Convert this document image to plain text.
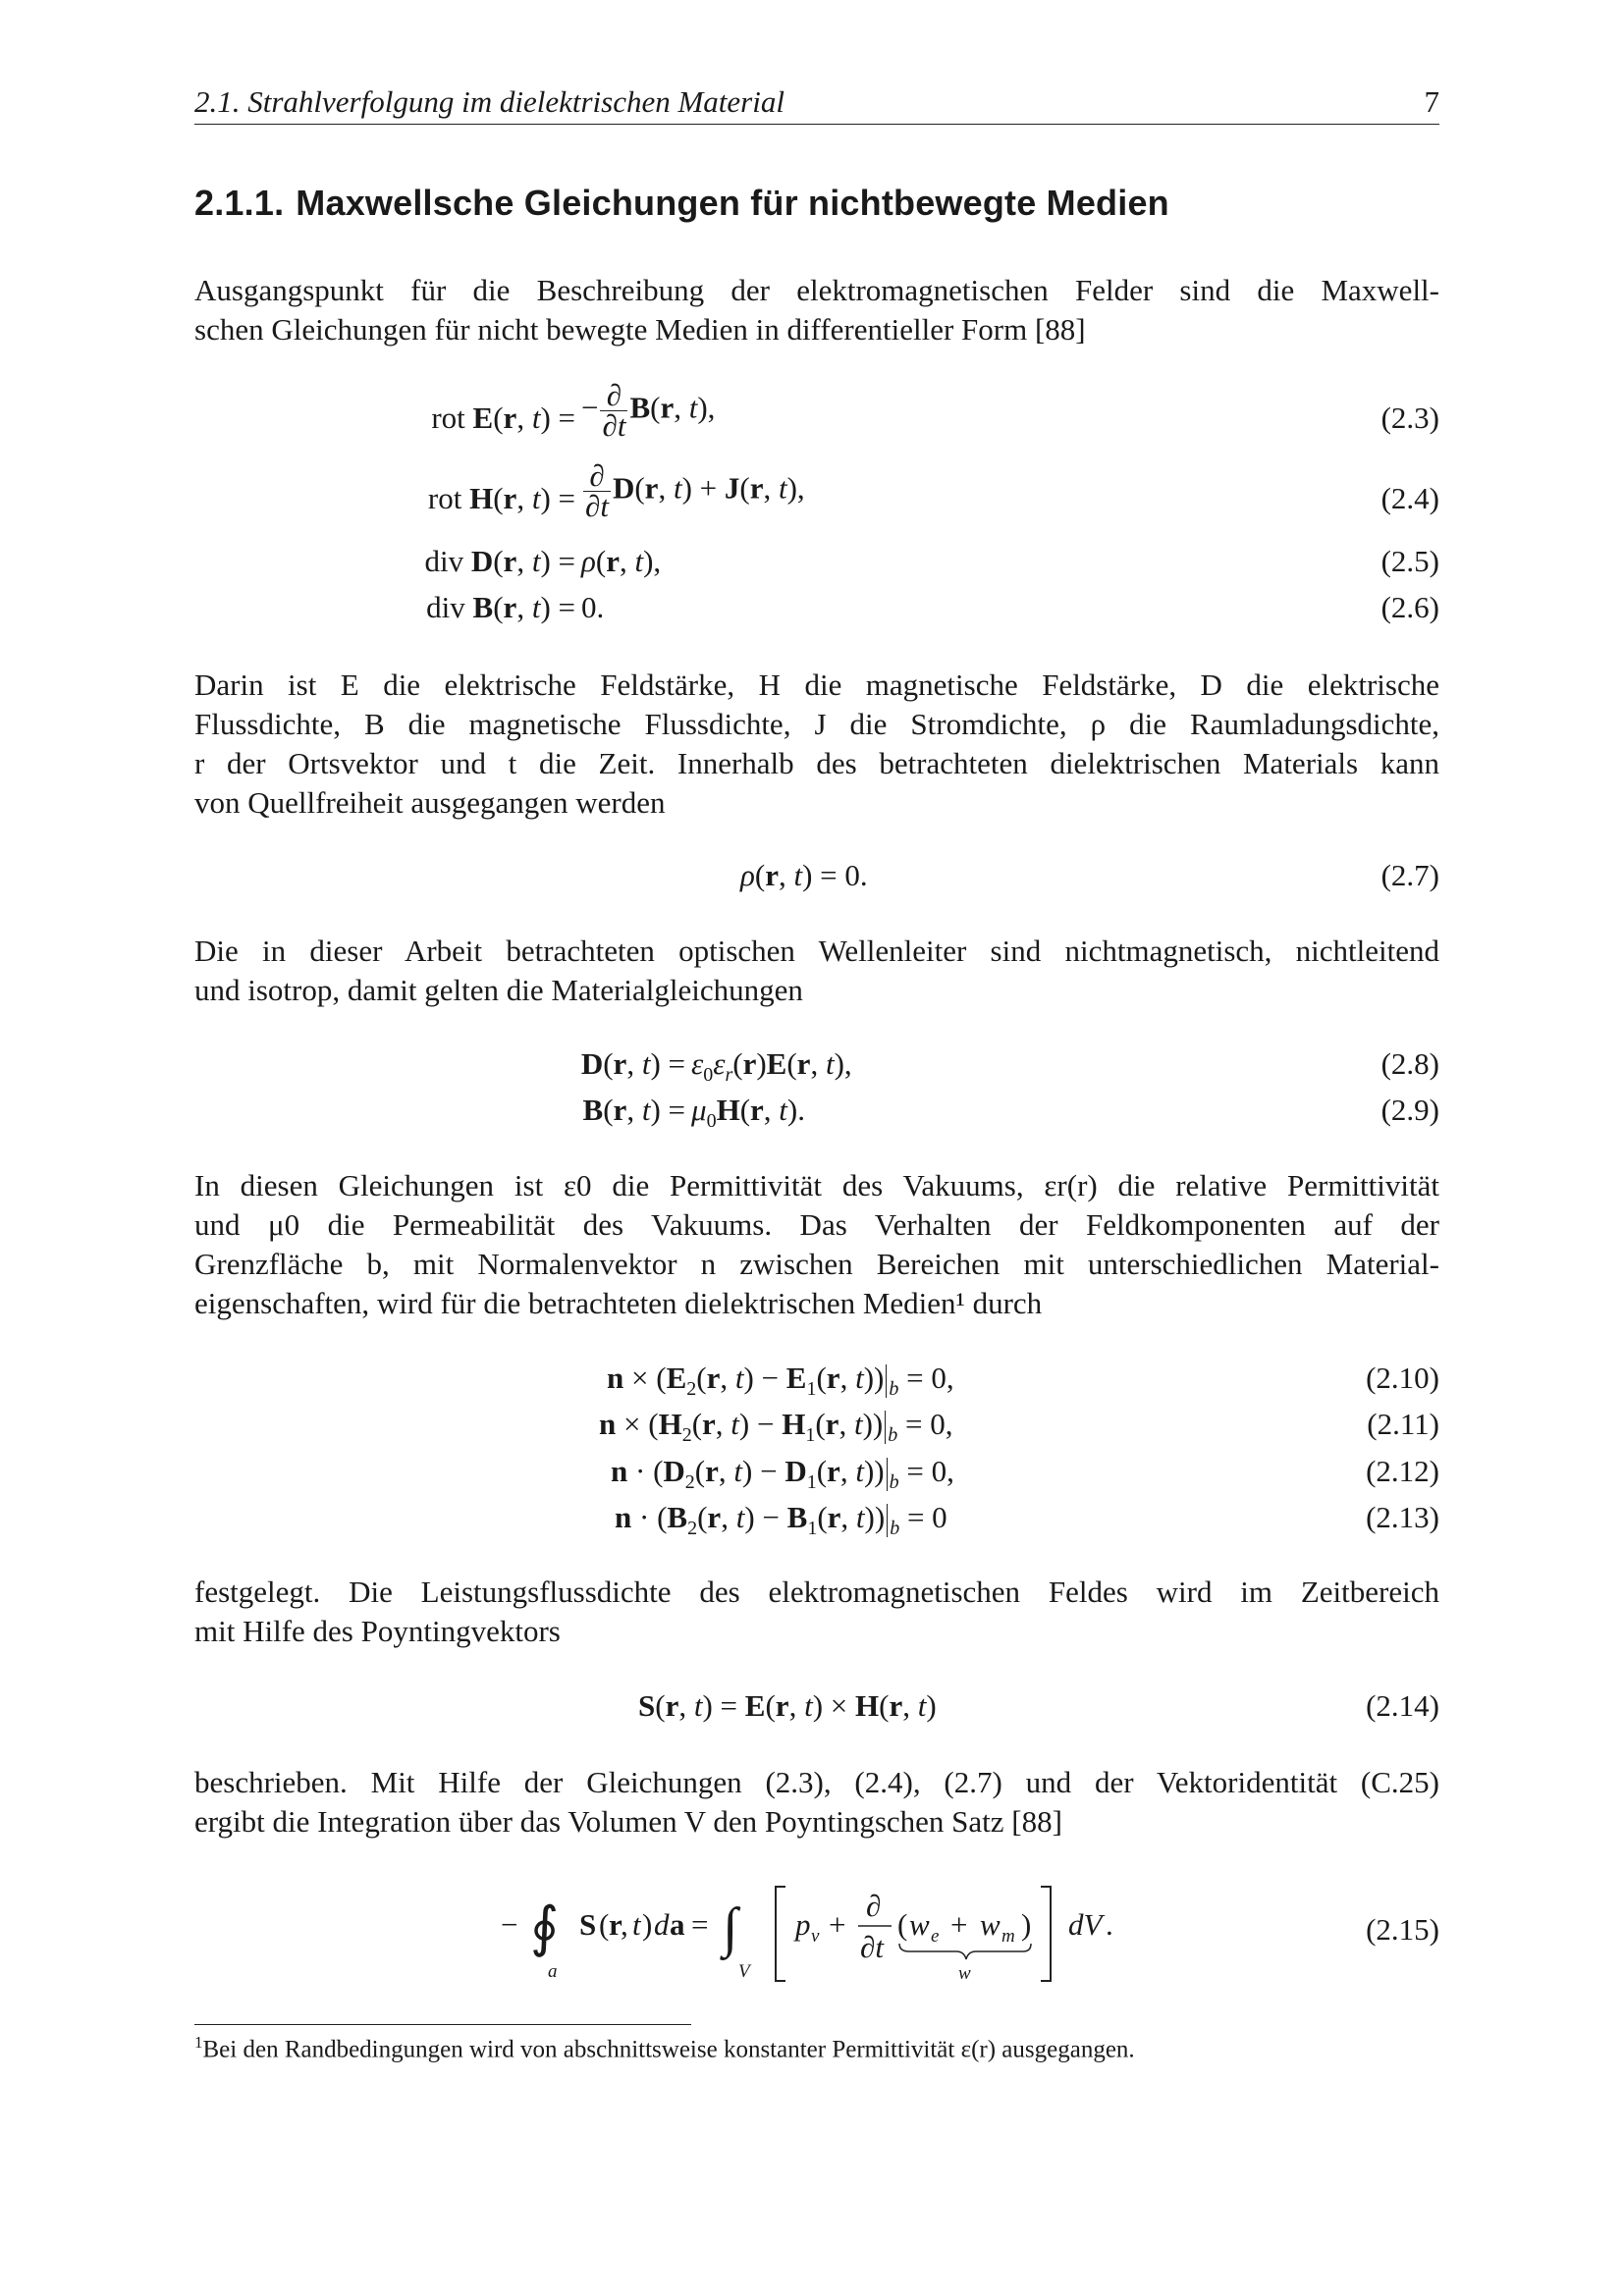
2.1. Strahlverfolgung im dielektrischen Material	7
2.1.1. Maxwellsche Gleichungen für nichtbewegte Medien
Ausgangspunkt für die Beschreibung der elektromagnetischen Felder sind die Maxwell-
schen Gleichungen für nicht bewegte Medien in differentieller Form [88]
rot E(r, t) = − $\frac{\partial}{\partial t} B(r$, t),	(2.3)
rot H(r, $t) = \frac{\partial}{\partial t} D(r$, t) + J(r, t),	(2.4)
div D(r, t) = ρ(r, t),	(2.5)
div B(r, t) = 0.	(2.6)
Darin ist E die elektrische Feldstärke, H die magnetische Feldstärke, D die elektrische
Flussdichte, B die magnetische Flussdichte, J die Stromdichte, ρ die Raumladungsdichte,
r der Ortsvektor und t die Zeit. Innerhalb des betrachteten dielektrischen Materials kann
von Quellfreiheit ausgegangen werden
ρ(r, t) = 0.	(2.7)
Die in dieser Arbeit betrachteten optischen Wellenleiter sind nichtmagnetisch, nichtleitend
und isotrop, damit gelten die Materialgleichungen
D(r, $t) = \varepsilon_0\varepsilon_r(r)E(r$, t),	(2.8)
B(r, $t) = \mu_0H(r$, t).	(2.9)
In diesen Gleichungen ist ε0 die Permittivität des Vakuums, εr(r) die relative Permittivität
und μ0 die Permeabilität des Vakuums. Das Verhalten der Feldkomponenten auf der
Grenzfläche b, mit Normalenvektor n zwischen Bereichen mit unterschiedlichen Material-
eigenschaften, wird für die betrachteten dielektrischen Medien¹ durch
$n \times (E_2(r$, $t) - E_1(r$, t)) $_b$ = 0,	(2.10)
$n \times (H_2(r$, $t) - H_1(r$, t)) $_b$ = 0,	(2.11)
$n \cdot (D_2(r$, $t) - D_1(r$, t)) $_b$ = 0,	(2.12)
$n \cdot (B_2(r$, $t) - B_1(r$, t)) $_b$ = 0	(2.13)
festgelegt. Die Leistungsflussdichte des elektromagnetischen Feldes wird im Zeitbereich
mit Hilfe des Poyntingvektors
S(r, t) = E(r, t) × H(r, t)	(2.14)
beschrieben. Mit Hilfe der Gleichungen (2.3), (2.4), (2.7) und der Vektoridentität (C.25)
ergibt die Integration über das Volumen V den Poyntingschen Satz [88]
− ∮
a
S ( r
, t ) d a = ∫
V
p v +
∂
∂t
( w e + w m )
w
dV .	(2.15)
$^1$Bei den Randbedingungen wird von abschnittsweise konstanter Permittivität ε(r) ausgegangen.
